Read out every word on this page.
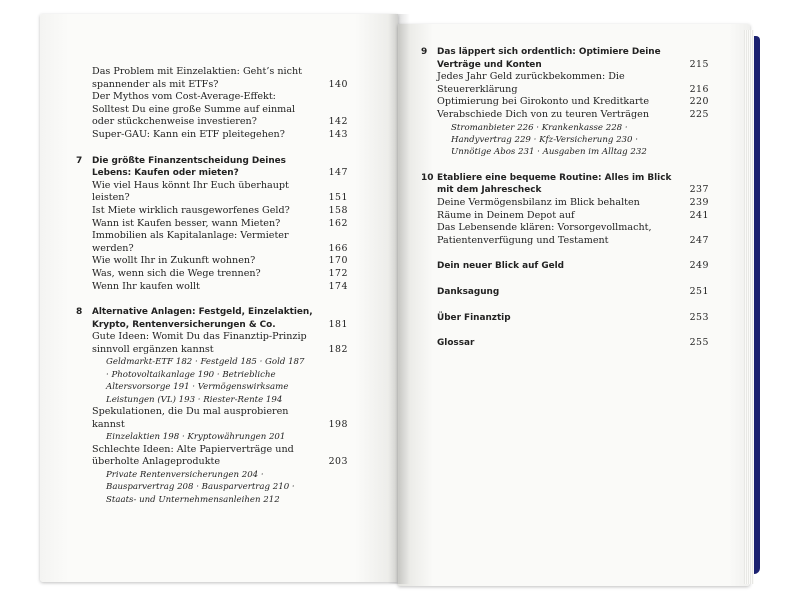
Das Problem mit Einzelaktien: Geht’s nicht spannender als mit ETFs?	140
Der Mythos vom Cost-Average-Effekt: Solltest Du eine große Summe auf einmal oder stückchenweise investieren?	142
Super-GAU: Kann ein ETF pleitegehen?	143
7 Die größte Finanzentscheidung Deines Lebens: Kaufen oder mieten?	147
Wie viel Haus könnt Ihr Euch überhaupt leisten?	151
Ist Miete wirklich rausgeworfenes Geld?	158
Wann ist Kaufen besser, wann Mieten?	162
Immobilien als Kapitalanlage: Vermieter werden?	166
Wie wollt Ihr in Zukunft wohnen?	170
Was, wenn sich die Wege trennen?	172
Wenn Ihr kaufen wollt	174
8 Alternative Anlagen: Festgeld, Einzelaktien, Krypto, Rentenversicherungen & Co.	181
Gute Ideen: Womit Du das Finanztip-Prinzip sinnvoll ergänzen kannst	182
Geldmarkt-ETF 182 · Festgeld 185 · Gold 187 · Photovoltaikanlage 190 · Betriebliche Altersvorsorge 191 · Vermögenswirksame Leistungen (VL) 193 · Riester-Rente 194
Spekulationen, die Du mal ausprobieren kannst	198
Einzelaktien 198 · Kryptowährungen 201
Schlechte Ideen: Alte Papierverträge und überholte Anlageprodukte	203
Private Rentenversicherungen 204 · Bausparvertrag 208 · Bausparvertrag 210 · Staats- und Unternehmensanleihen 212
9 Das läppert sich ordentlich: Optimiere Deine Verträge und Konten	215
Jedes Jahr Geld zurückbekommen: Die Steuererklärung	216
Optimierung bei Girokonto und Kreditkarte	220
Verabschiede Dich von zu teuren Verträgen	225
Stromanbieter 226 · Krankenkasse 228 · Handyvertrag 229 · Kfz-Versicherung 230 · Unnötige Abos 231 · Ausgaben im Alltag 232
10 Etabliere eine bequeme Routine: Alles im Blick mit dem Jahrescheck	237
Deine Vermögensbilanz im Blick behalten	239
Räume in Deinem Depot auf	241
Das Lebensende klären: Vorsorgevollmacht, Patientenverfügung und Testament	247
Dein neuer Blick auf Geld	249
Danksagung	251
Über Finanztip	253
Glossar	255
